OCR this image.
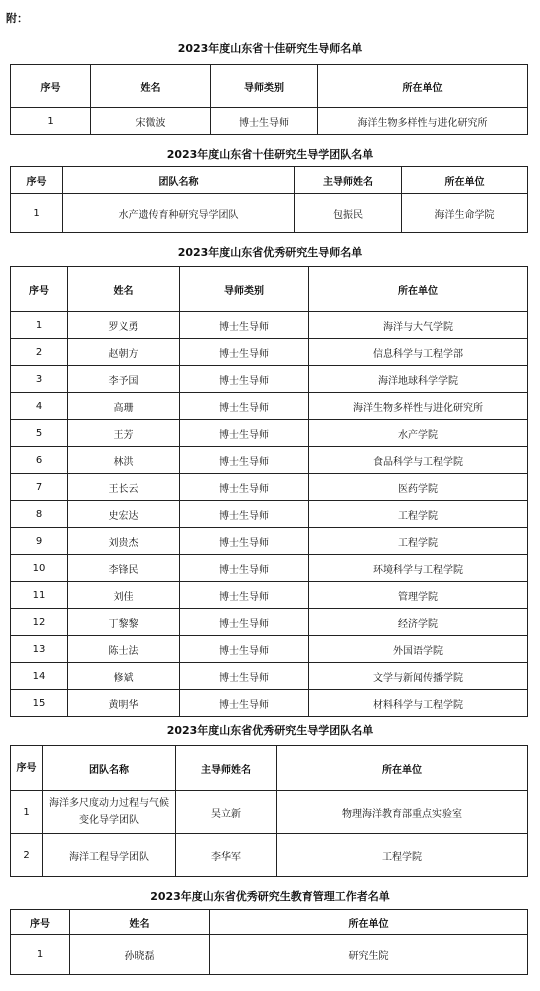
附：
2023年度山东省十佳研究生导师名单
序号	姓名	导师类别	所在单位
1	宋微波	博士生导师	海洋生物多样性与进化研究所
2023年度山东省十佳研究生导学团队名单
序号	团队名称	主导师姓名	所在单位
1	水产遗传育种研究导学团队	包振民	海洋生命学院
2023年度山东省优秀研究生导师名单
序号	姓名	导师类别	所在单位
1	罗义勇	博士生导师	海洋与大气学院
2	赵朝方	博士生导师	信息科学与工程学部
3	李予国	博士生导师	海洋地球科学学院
4	高珊	博士生导师	海洋生物多样性与进化研究所
5	王芳	博士生导师	水产学院
6	林洪	博士生导师	食品科学与工程学院
7	王长云	博士生导师	医药学院
8	史宏达	博士生导师	工程学院
9	刘贵杰	博士生导师	工程学院
10	李锋民	博士生导师	环境科学与工程学院
11	刘佳	博士生导师	管理学院
12	丁黎黎	博士生导师	经济学院
13	陈士法	博士生导师	外国语学院
14	修斌	博士生导师	文学与新闻传播学院
15	黄明华	博士生导师	材料科学与工程学院
2023年度山东省优秀研究生导学团队名单
序号	团队名称	主导师姓名	所在单位
1	海洋多尺度动力过程与气候变化导学团队	吴立新	物理海洋教育部重点实验室
2	海洋工程导学团队	李华军	工程学院
2023年度山东省优秀研究生教育管理工作者名单
序号	姓名	所在单位
1	孙晓磊	研究生院
